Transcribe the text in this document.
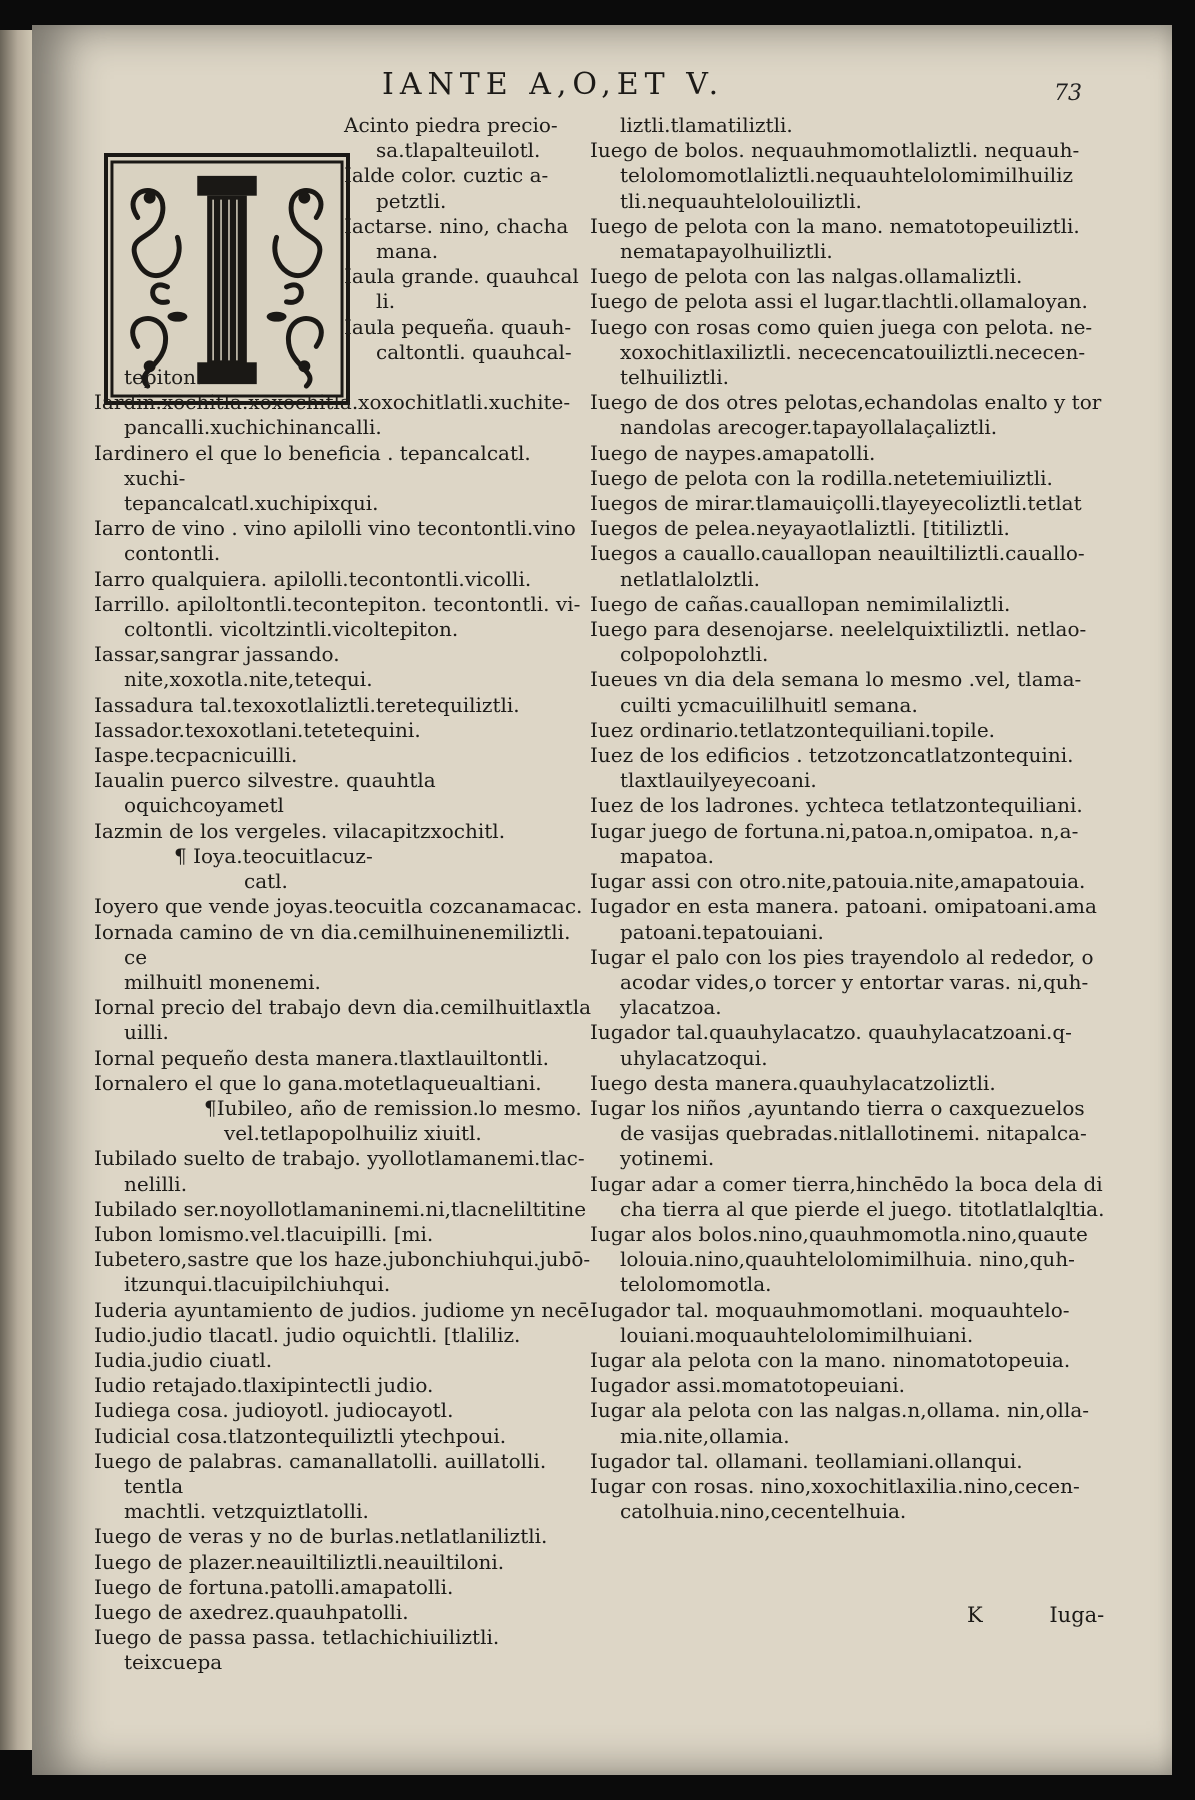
IANTE A,O,ET V.	73
Acinto piedra precio-
sa.tlapalteuilotl.
Ialde color. cuztic a-
petztli.
Iactarse. nino, chacha
mana.
Iaula grande. quauhcal
li.
Iaula pequeña. quauh-
caltontli. quauhcal-
tepiton.
Iardin.xochitla.xoxochitla.xoxochitlatli.xuchite-
pancalli.xuchichinancalli.
Iardinero el que lo beneficia . tepancalcatl. xuchi-
tepancalcatl.xuchipixqui.
Iarro de vino . vino apilolli vino tecontontli.vino
contontli.
Iarro qualquiera. apilolli.tecontontli.vicolli.
Iarrillo. apiloltontli.tecontepiton. tecontontli. vi-
coltontli. vicoltzintli.vicoltepiton.
Iassar,sangrar jassando. nite,xoxotla.nite,tetequi.
Iassadura tal.texoxotlaliztli.teretequiliztli.
Iassador.texoxotlani.tetetequini.
Iaspe.tecpacnicuilli.
Iaualin puerco silvestre. quauhtla oquichcoyametl
Iazmin de los vergeles. vilacapitzxochitl.
¶ Ioya.teocuitlacuz-
catl.
Ioyero que vende joyas.teocuitla cozcanamacac.
Iornada camino de vn dia.cemilhuinenemiliztli. ce
milhuitl monenemi.
Iornal precio del trabajo devn dia.cemilhuitlaxtla
uilli.
Iornal pequeño desta manera.tlaxtlauiltontli.
Iornalero el que lo gana.motetlaqueualtiani.
¶Iubileo, año de remission.lo mesmo.
vel.tetlapopolhuiliz xiuitl.
Iubilado suelto de trabajo. yyollotlamanemi.tlac-
nelilli.
Iubilado ser.noyollotlamaninemi.ni,tlacneliltitine
Iubon lomismo.vel.tlacuipilli. [mi.
Iubetero,sastre que los haze.jubonchiuhqui.jubō-
itzunqui.tlacuipilchiuhqui.
Iuderia ayuntamiento de judios. judiome yn necē
Iudio.judio tlacatl. judio oquichtli. [tlaliliz.
Iudia.judio ciuatl.
Iudio retajado.tlaxipintectli judio.
Iudiega cosa. judioyotl. judiocayotl.
Iudicial cosa.tlatzontequiliztli ytechpoui.
Iuego de palabras. camanallatolli. auillatolli. tentla
machtli. vetzquiztlatolli.
Iuego de veras y no de burlas.netlatlaniliztli.
Iuego de plazer.neauiltiliztli.neauiltiloni.
Iuego de fortuna.patolli.amapatolli.
Iuego de axedrez.quauhpatolli.
Iuego de passa passa. tetlachichiuiliztli. teixcuepa
liztli.tlamatiliztli.
Iuego de bolos. nequauhmomotlaliztli. nequauh-
telolomomotlaliztli.nequauhtelolomimilhuiliz
tli.nequauhtelolouiliztli.
Iuego de pelota con la mano. nematotopeuiliztli.
nematapayolhuiliztli.
Iuego de pelota con las nalgas.ollamaliztli.
Iuego de pelota assi el lugar.tlachtli.ollamaloyan.
Iuego con rosas como quien juega con pelota. ne-
xoxochitlaxiliztli. nececencatouiliztli.nececen-
telhuiliztli.
Iuego de dos otres pelotas,echandolas enalto y tor
nandolas arecoger.tapayollalaçaliztli.
Iuego de naypes.amapatolli.
Iuego de pelota con la rodilla.netetemiuiliztli.
Iuegos de mirar.tlamauiçolli.tlayeyecoliztli.tetlat
Iuegos de pelea.neyayaotlaliztli. [titiliztli.
Iuegos a cauallo.cauallopan neauiltiliztli.cauallo-
netlatlalolztli.
Iuego de cañas.cauallopan nemimilaliztli.
Iuego para desenojarse. neelelquixtiliztli. netlao-
colpopolohztli.
Iueues vn dia dela semana lo mesmo .vel, tlama-
cuilti ycmacuililhuitl semana.
Iuez ordinario.tetlatzontequiliani.topile.
Iuez de los edificios . tetzotzoncatlatzontequini.
tlaxtlauilyeyecoani.
Iuez de los ladrones. ychteca tetlatzontequiliani.
Iugar juego de fortuna.ni,patoa.n,omipatoa. n,a-
mapatoa.
Iugar assi con otro.nite,patouia.nite,amapatouia.
Iugador en esta manera. patoani. omipatoani.ama
patoani.tepatouiani.
Iugar el palo con los pies trayendolo al rededor, o
acodar vides,o torcer y entortar varas. ni,quh-
ylacatzoa.
Iugador tal.quauhylacatzo. quauhylacatzoani.q-
uhylacatzoqui.
Iuego desta manera.quauhylacatzoliztli.
Iugar los niños ,ayuntando tierra o caxquezuelos
de vasijas quebradas.nitlallotinemi. nitapalca-
yotinemi.
Iugar adar a comer tierra,hinchēdo la boca dela di
cha tierra al que pierde el juego. titotlatlalqltia.
Iugar alos bolos.nino,quauhmomotla.nino,quaute
lolouia.nino,quauhtelolomimilhuia. nino,quh-
telolomomotla.
Iugador tal. moquauhmomotlani. moquauhtelo-
louiani.moquauhtelolomimilhuiani.
Iugar ala pelota con la mano. ninomatotopeuia.
Iugador assi.momatotopeuiani.
Iugar ala pelota con las nalgas.n,ollama. nin,olla-
mia.nite,ollamia.
Iugador tal. ollamani. teollamiani.ollanqui.
Iugar con rosas. nino,xoxochitlaxilia.nino,cecen-
catolhuia.nino,cecentelhuia.
K	Iuga-
